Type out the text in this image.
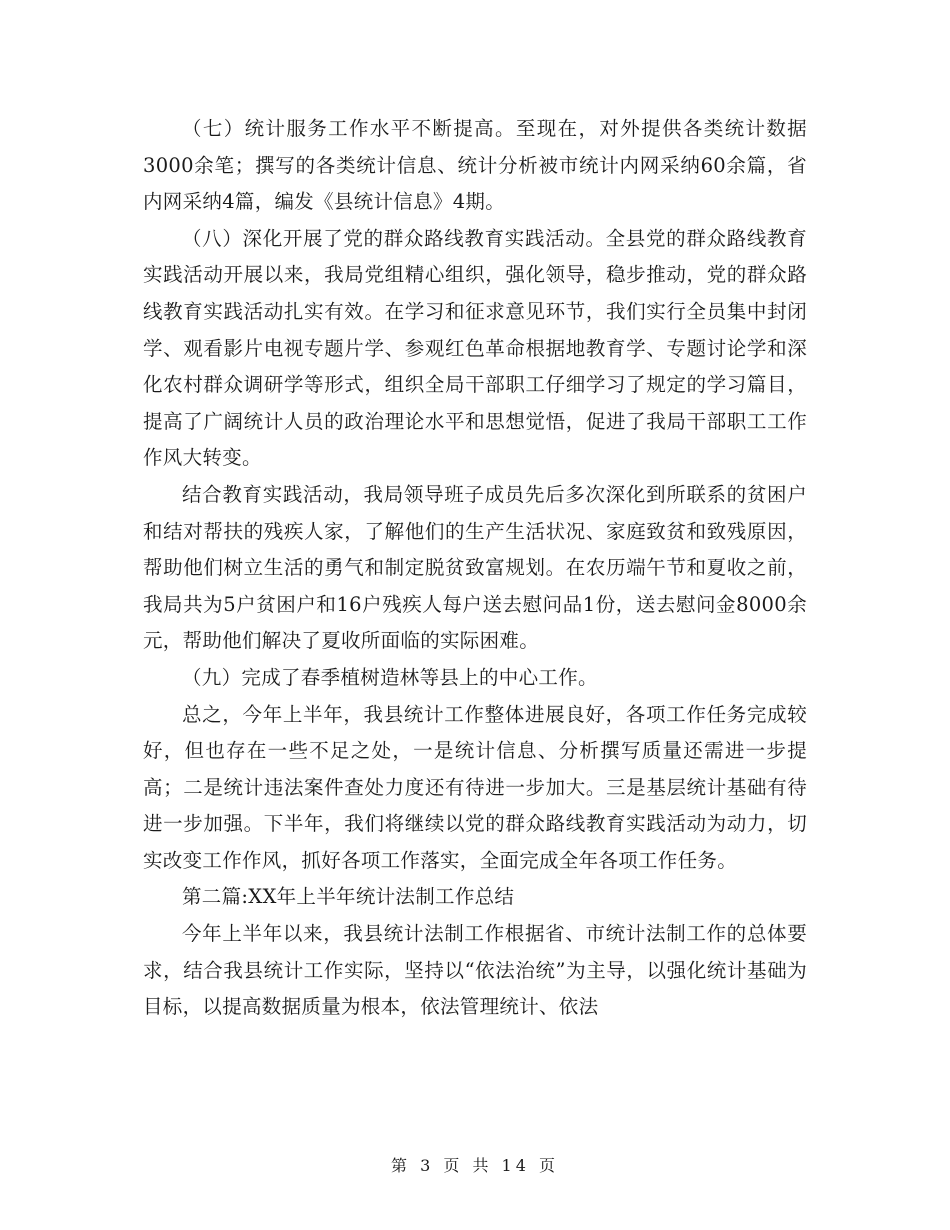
（七）统计服务工作水平不断提高。至现在，对外提供各类统计数据3000余笔；撰写的各类统计信息、统计分析被市统计内网采纳60余篇，省内网采纳4篇，编发《县统计信息》4期。

（八）深化开展了党的群众路线教育实践活动。全县党的群众路线教育实践活动开展以来，我局党组精心组织，强化领导，稳步推动，党的群众路线教育实践活动扎实有效。在学习和征求意见环节，我们实行全员集中封闭学、观看影片电视专题片学、参观红色革命根据地教育学、专题讨论学和深化农村群众调研学等形式，组织全局干部职工仔细学习了规定的学习篇目，提高了广阔统计人员的政治理论水平和思想觉悟，促进了我局干部职工工作作风大转变。

结合教育实践活动，我局领导班子成员先后多次深化到所联系的贫困户和结对帮扶的残疾人家，了解他们的生产生活状况、家庭致贫和致残原因，帮助他们树立生活的勇气和制定脱贫致富规划。在农历端午节和夏收之前，我局共为5户贫困户和16户残疾人每户送去慰问品1份，送去慰问金8000余元，帮助他们解决了夏收所面临的实际困难。

（九）完成了春季植树造林等县上的中心工作。

总之，今年上半年，我县统计工作整体进展良好，各项工作任务完成较好，但也存在一些不足之处，一是统计信息、分析撰写质量还需进一步提高；二是统计违法案件查处力度还有待进一步加大。三是基层统计基础有待进一步加强。下半年，我们将继续以党的群众路线教育实践活动为动力，切实改变工作作风，抓好各项工作落实，全面完成全年各项工作任务。

第二篇:XX年上半年统计法制工作总结

今年上半年以来，我县统计法制工作根据省、市统计法制工作的总体要求，结合我县统计工作实际，坚持以“依法治统”为主导，以强化统计基础为目标，以提高数据质量为根本，依法管理统计、依法

第 3 页 共 14 页
